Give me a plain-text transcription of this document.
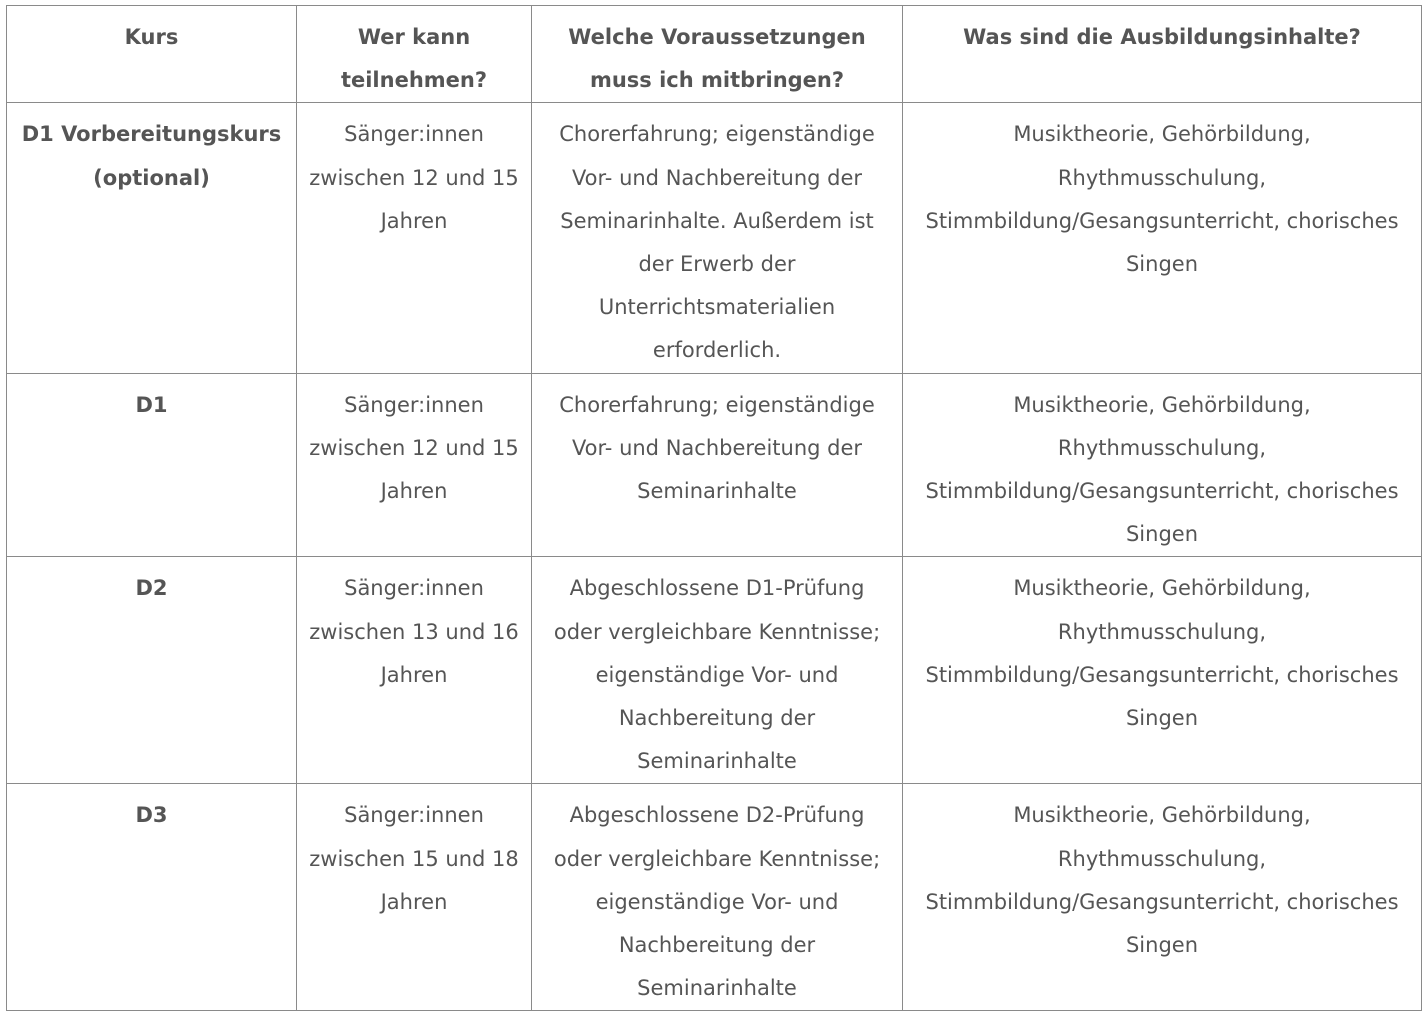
Kurs	Wer kann teilnehmen?	Welche Voraussetzungen muss ich mitbringen?	Was sind die Ausbildungsinhalte?
D1 Vorbereitungskurs (optional)	Sänger:innen zwischen 12 und 15 Jahren	Chorerfahrung; eigenständige Vor- und Nachbereitung der Seminarinhalte. Außerdem ist der Erwerb der Unterrichtsmaterialien erforderlich.	Musiktheorie, Gehörbildung, Rhythmusschulung, Stimmbildung/Gesangsunterricht, chorisches Singen
D1	Sänger:innen zwischen 12 und 15 Jahren	Chorerfahrung; eigenständige Vor- und Nachbereitung der Seminarinhalte	Musiktheorie, Gehörbildung, Rhythmusschulung, Stimmbildung/Gesangsunterricht, chorisches Singen
D2	Sänger:innen zwischen 13 und 16 Jahren	Abgeschlossene D1-Prüfung oder vergleichbare Kenntnisse; eigenständige Vor- und Nachbereitung der Seminarinhalte	Musiktheorie, Gehörbildung, Rhythmusschulung, Stimmbildung/Gesangsunterricht, chorisches Singen
D3	Sänger:innen zwischen 15 und 18 Jahren	Abgeschlossene D2-Prüfung oder vergleichbare Kenntnisse; eigenständige Vor- und Nachbereitung der Seminarinhalte	Musiktheorie, Gehörbildung, Rhythmusschulung, Stimmbildung/Gesangsunterricht, chorisches Singen
